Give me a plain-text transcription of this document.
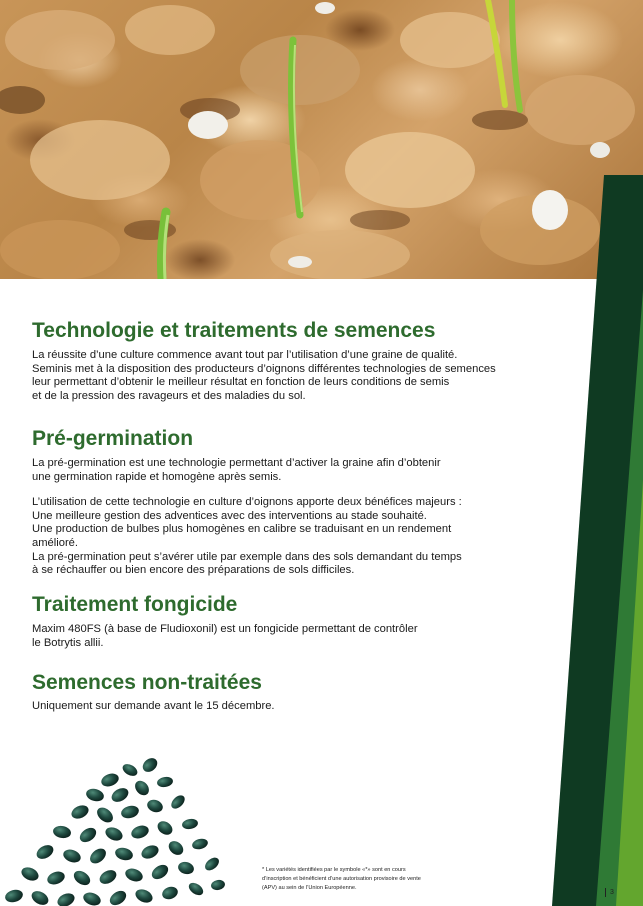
Technologie et traitements de semences

La réussite d’une culture commence avant tout par l’utilisation d’une graine de qualité.
Seminis met à la disposition des producteurs d’oignons différentes technologies de semences
leur permettant d’obtenir le meilleur résultat en fonction de leurs conditions de semis
et de la pression des ravageurs et des maladies du sol.

Pré-germination

La pré-germination est une technologie permettant d’activer la graine afin d’obtenir
une germination rapide et homogène après semis.

L’utilisation de cette technologie en culture d’oignons apporte deux bénéfices majeurs :
Une meilleure gestion des adventices avec des interventions au stade souhaité.
Une production de bulbes plus homogènes en calibre se traduisant en un rendement
amélioré.
La pré-germination peut s’avérer utile par exemple dans des sols demandant du temps
à se réchauffer ou bien encore des préparations de sols difficiles.

Traitement fongicide

Maxim 480FS (à base de Fludioxonil) est un fongicide permettant de contrôler
le Botrytis allii.

Semences non-traitées

Uniquement sur demande avant le 15 décembre.

* Les variétés identifiées par le symbole «*» sont en cours
d’inscription et bénéficient d’une autorisation provisoire de vente
(APV) au sein de l’Union Européenne.
3
